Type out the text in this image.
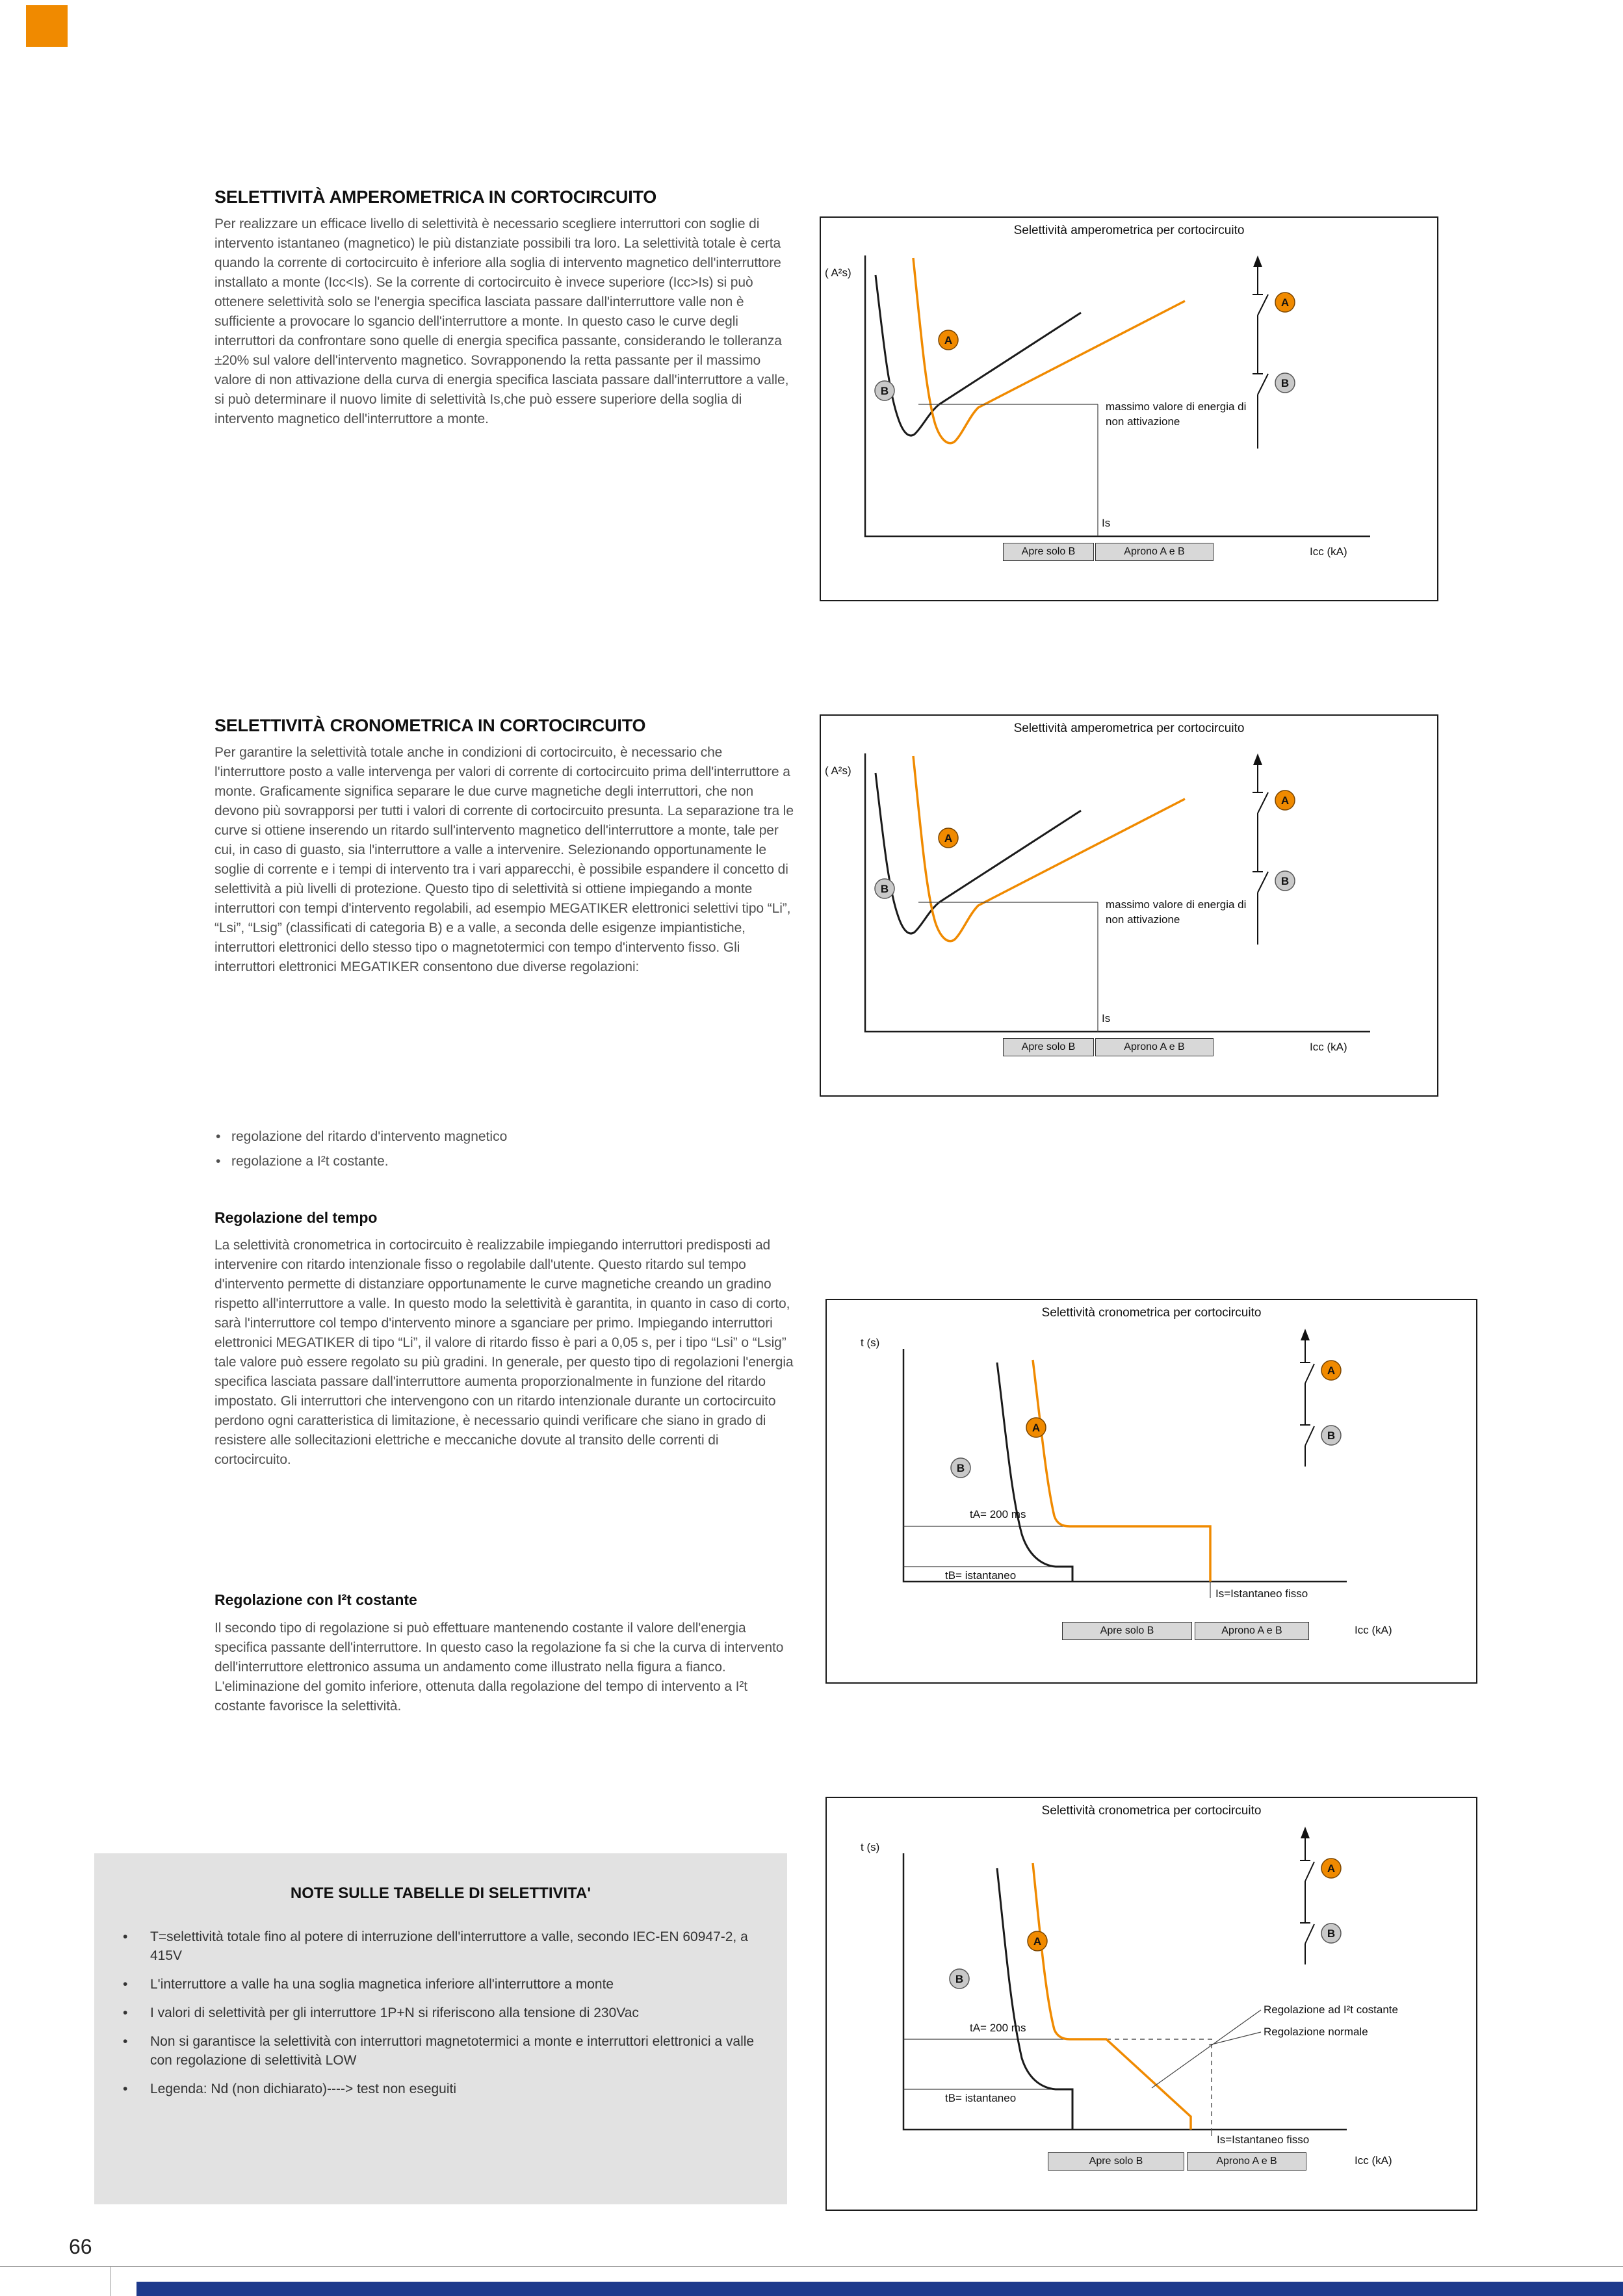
SELETTIVITÀ AMPEROMETRICA IN CORTOCIRCUITO
Per realizzare un efficace livello di selettività è necessario scegliere interruttori con soglie di intervento istantaneo (magnetico) le più distanziate possibili tra loro. La selettività totale è certa quando la corrente di cortocircuito è inferiore alla soglia di intervento magnetico dell'interruttore installato a monte (Icc<Is). Se la corrente di cortocircuito è invece superiore (Icc>Is) si può ottenere selettività solo se l'energia specifica lasciata passare dall'interruttore valle non è sufficiente a provocare lo sgancio dell'interruttore a monte. In questo caso le curve degli interruttori da confrontare sono quelle di energia specifica passante, considerando le tolleranza ±20% sul valore dell'intervento magnetico. Sovrapponendo la retta passante per il massimo valore di non attivazione della curva di energia specifica lasciata passare dall'interruttore a valle, si può determinare il nuovo limite di selettività Is,che può essere superiore della soglia di intervento magnetico dell'interruttore a monte.
SELETTIVITÀ CRONOMETRICA IN CORTOCIRCUITO
Per garantire la selettività totale anche in condizioni di cortocircuito, è necessario che l'interruttore posto a valle intervenga per valori di corrente di cortocircuito prima dell'interruttore a monte. Graficamente significa separare le due curve magnetiche degli interruttori, che non devono più sovrapporsi per tutti i valori di corrente di cortocircuito presunta. La separazione tra le curve si ottiene inserendo un ritardo sull'intervento magnetico dell'interruttore a monte, tale per cui, in caso di guasto, sia l'interruttore a valle a intervenire. Selezionando opportunamente le soglie di corrente e i tempi di intervento tra i vari apparecchi, è possibile espandere il concetto di selettività a più livelli di protezione. Questo tipo di selettività si ottiene impiegando a monte interruttori con tempi d'intervento regolabili, ad esempio MEGATIKER elettronici selettivi tipo “Li”, “Lsi”, “Lsig” (classificati di categoria B) e a valle, a seconda delle esigenze impiantistiche, interruttori elettronici dello stesso tipo o magnetotermici con tempo d'intervento fisso. Gli interruttori elettronici MEGATIKER consentono due diverse regolazioni:
• regolazione del ritardo d'intervento magnetico
• regolazione a I²t costante.
Regolazione del tempo
La selettività cronometrica in cortocircuito è realizzabile impiegando interruttori predisposti ad intervenire con ritardo intenzionale fisso o regolabile dall'utente. Questo ritardo sul tempo d'intervento permette di distanziare opportunamente le curve magnetiche creando un gradino rispetto all'interruttore a valle. In questo modo la selettività è garantita, in quanto in caso di corto, sarà l'interruttore col tempo d'intervento minore a sganciare per primo. Impiegando interruttori elettronici MEGATIKER di tipo “Li”, il valore di ritardo fisso è pari a 0,05 s, per i tipo “Lsi” o “Lsig” tale valore può essere regolato su più gradini. In generale, per questo tipo di regolazioni l'energia specifica lasciata passare dall'interruttore aumenta proporzionalmente in funzione del ritardo impostato. Gli interruttori che intervengono con un ritardo intenzionale durante un cortocircuito perdono ogni caratteristica di limitazione, è necessario quindi verificare che siano in grado di resistere alle sollecitazioni elettriche e meccaniche dovute al transito delle correnti di cortocircuito.
Regolazione con I²t costante
Il secondo tipo di regolazione si può effettuare mantenendo costante il valore dell'energia specifica passante dell'interruttore. In questo caso la regolazione fa si che la curva di intervento dell'interruttore elettronico assuma un andamento come illustrato nella figura a fianco. L'eliminazione del gomito inferiore, ottenuta dalla regolazione del tempo di intervento a I²t costante favorisce la selettività.
NOTE SULLE TABELLE DI SELETTIVITA'
• T=selettività totale fino al potere di interruzione dell'interruttore a valle, secondo IEC-EN 60947-2, a 415V
• L'interruttore a valle ha una soglia magnetica inferiore all'interruttore a monte
• I valori di selettività per gli interruttore 1P+N si riferiscono alla tensione di 230Vac
• Non si garantisce la selettività con interruttori magnetotermici a monte e interruttori elettronici a valle con regolazione di selettività LOW
• Legenda: Nd (non dichiarato)----> test non eseguiti
Selettività amperometrica per cortocircuito
A
B
A
B
( A²s)
massimo valore di energia di
non attivazione
Is
Apre solo B	Aprono A e B	Icc (kA)
Selettività amperometrica per cortocircuito
A
B
A
B
( A²s)
massimo valore di energia di
non attivazione
Is
Apre solo B	Aprono A e B	Icc (kA)
Selettività cronometrica per cortocircuito
A
B
A
B
t (s)
tA= 200 ms
tB= istantaneo
Is=Istantaneo fisso
Apre solo B	Aprono A e B	Icc (kA)
Selettività cronometrica per cortocircuito
A
B
A
B
t (s)
tA= 200 ms
tB= istantaneo
Regolazione ad I²t costante
Regolazione normale
Is=Istantaneo fisso
Apre solo B	Aprono A e B	Icc (kA)
66
